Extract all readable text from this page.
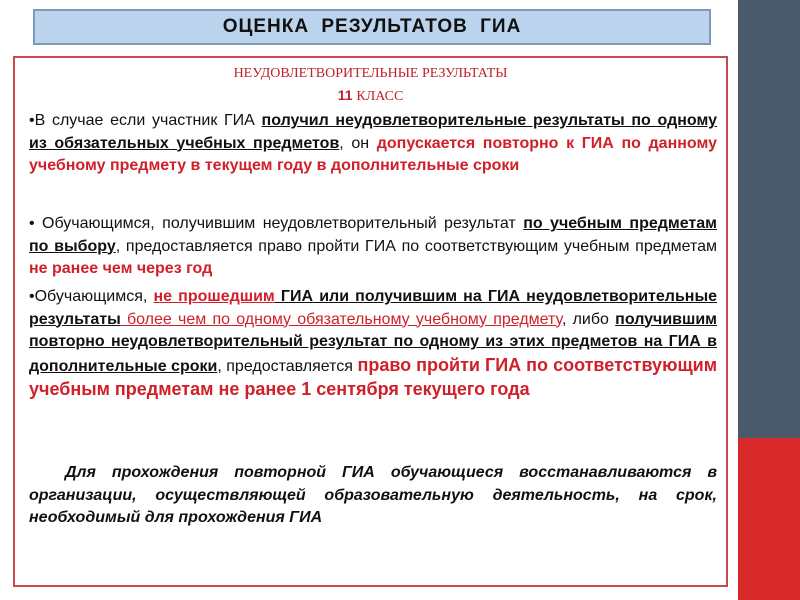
ОЦЕНКА РЕЗУЛЬТАТОВ ГИА
НЕУДОВЛЕТВОРИТЕЛЬНЫЕ РЕЗУЛЬТАТЫ
11 КЛАСС
•В случае если участник ГИА получил неудовлетворительные результаты по одному из обязательных учебных предметов, он допускается повторно к ГИА по данному учебному предмету в текущем году в дополнительные сроки
• Обучающимся, получившим неудовлетворительный результат по учебным предметам по выбору, предоставляется право пройти ГИА по соответствующим учебным предметам не ранее чем через год
•Обучающимся, не прошедшим ГИА или получившим на ГИА неудовлетворительные результаты более чем по одному обязательному учебному предмету, либо получившим повторно неудовлетворительный результат по одному из этих предметов на ГИА в дополнительные сроки, предоставляется право пройти ГИА по соответствующим учебным предметам не ранее 1 сентября текущего года
Для прохождения повторной ГИА обучающиеся восстанавливаются в организации, осуществляющей образовательную деятельность, на срок, необходимый для прохождения ГИА
